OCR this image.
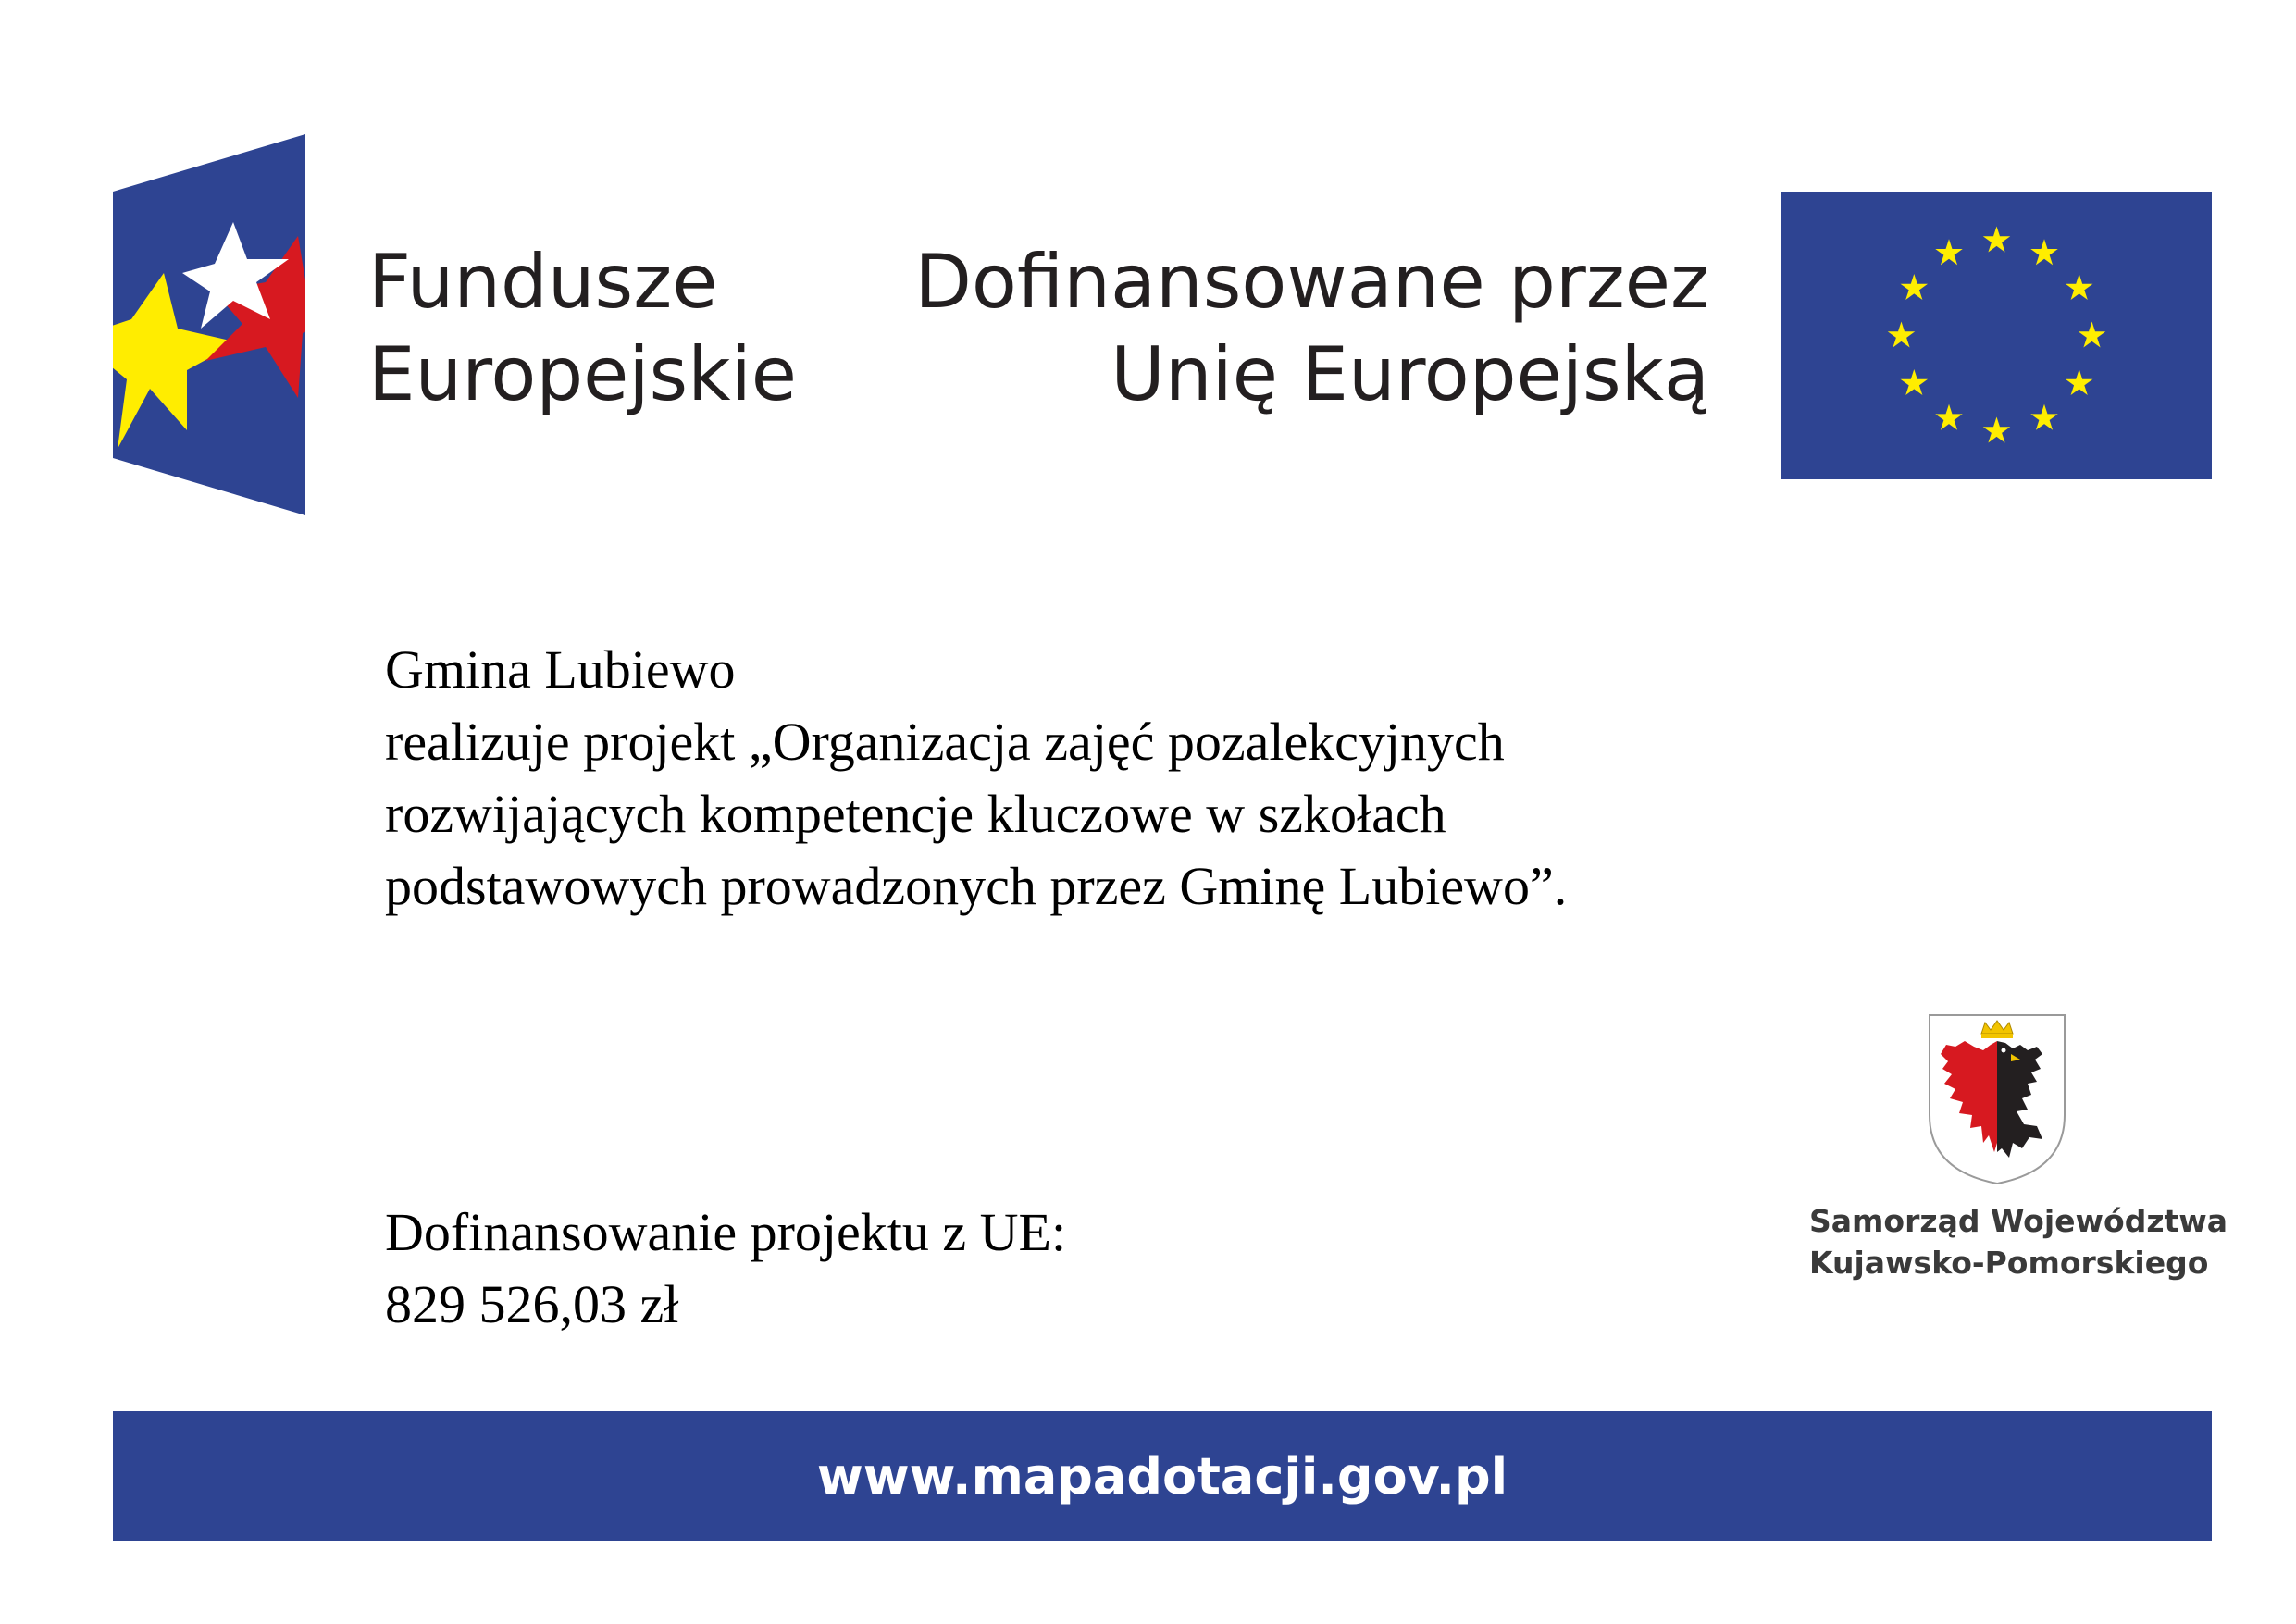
Fundusze
Europejskie
Dofinansowane przez
Unię Europejską
Gmina Lubiewo
realizuje projekt „Organizacja zajęć pozalekcyjnych
rozwijających kompetencje kluczowe w szkołach
podstawowych prowadzonych przez Gminę Lubiewo”.
Dofinansowanie projektu z UE:
829 526,03 zł
Samorząd Województwa
Kujawsko-Pomorskiego
www.mapadotacji.gov.pl
